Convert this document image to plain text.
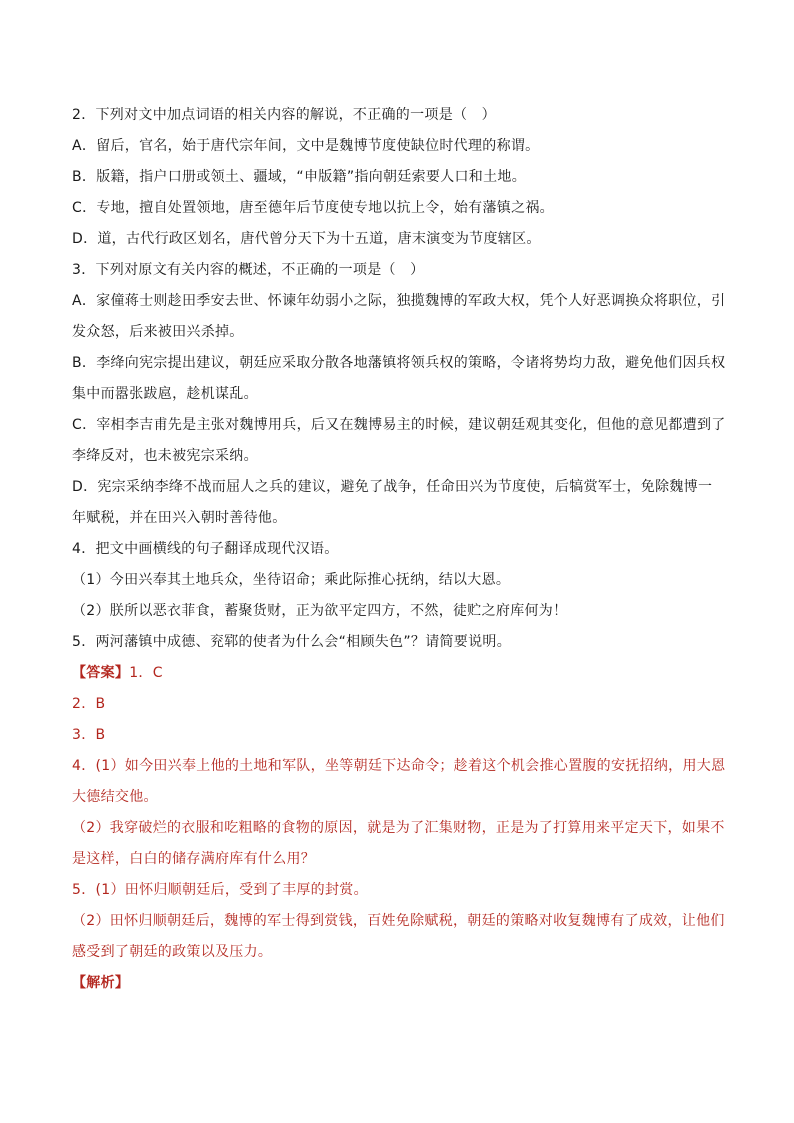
2．下列对文中加点词语的相关内容的解说，不正确的一项是（　）
A．留后，官名，始于唐代宗年间，文中是魏博节度使缺位时代理的称谓。
B．版籍，指户口册或领土、疆域，“申版籍”指向朝廷索要人口和土地。
C．专地，擅自处置领地，唐至德年后节度使专地以抗上令，始有藩镇之祸。
D．道，古代行政区划名，唐代曾分天下为十五道，唐末演变为节度辖区。
3．下列对原文有关内容的概述，不正确的一项是（　）
A．家僮蒋士则趁田季安去世、怀谏年幼弱小之际，独揽魏博的军政大权，凭个人好恶调换众将职位，引发众怒，后来被田兴杀掉。
B．李绛向宪宗提出建议，朝廷应采取分散各地藩镇将领兵权的策略，令诸将势均力敌，避免他们因兵权集中而嚣张跋扈，趁机谋乱。
C．宰相李吉甫先是主张对魏博用兵，后又在魏博易主的时候，建议朝廷观其变化，但他的意见都遭到了李绛反对，也未被宪宗采纳。
D．宪宗采纳李绛不战而屈人之兵的建议，避免了战争，任命田兴为节度使，后犒赏军士，免除魏博一年赋税，并在田兴入朝时善待他。
4．把文中画横线的句子翻译成现代汉语。
（1）今田兴奉其土地兵众，坐待诏命；乘此际推心抚纳，结以大恩。
（2）朕所以恶衣菲食，蓄聚货财，正为欲平定四方，不然，徒贮之府库何为！
5．两河藩镇中成德、兖郓的使者为什么会“相顾失色”？请简要说明。
【答案】1．C
2．B
3．B
4．(1）如今田兴奉上他的土地和军队，坐等朝廷下达命令；趁着这个机会推心置腹的安抚招纳，用大恩大德结交他。
（2）我穿破烂的衣服和吃粗略的食物的原因，就是为了汇集财物，正是为了打算用来平定天下，如果不是这样，白白的储存满府库有什么用？
5．(1）田怀归顺朝廷后，受到了丰厚的封赏。
（2）田怀归顺朝廷后，魏博的军士得到赏钱，百姓免除赋税，朝廷的策略对收复魏博有了成效，让他们感受到了朝廷的政策以及压力。
【解析】
